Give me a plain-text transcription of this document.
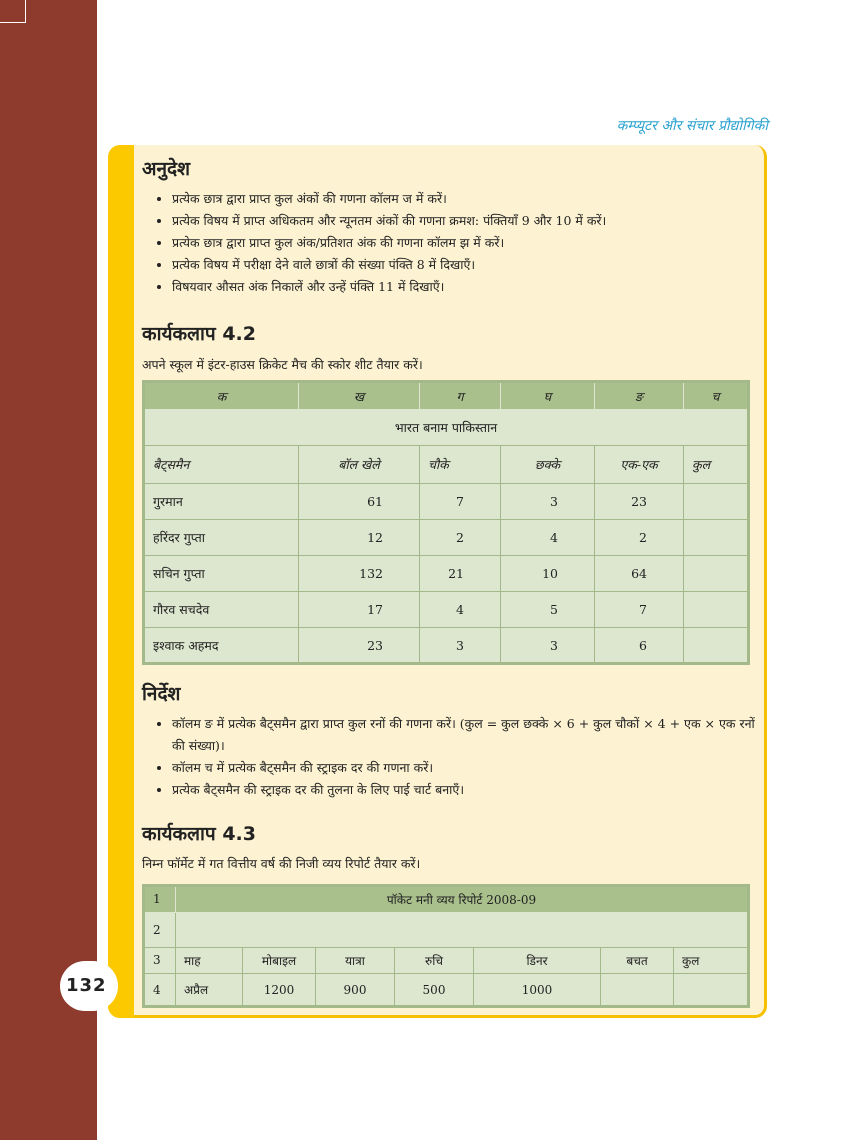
कम्प्यूटर और संचार प्रौद्योगिकी
132
अनुदेश
• प्रत्येक छात्र द्वारा प्राप्त कुल अंकों की गणना कॉलम ज में करें।
• प्रत्येक विषय में प्राप्त अधिकतम और न्यूनतम अंकों की गणना क्रमश: पंक्तियाँ 9 और 10 में करें।
• प्रत्येक छात्र द्वारा प्राप्त कुल अंक/प्रतिशत अंक की गणना कॉलम झ में करें।
• प्रत्येक विषय में परीक्षा देने वाले छात्रों की संख्या पंक्ति 8 में दिखाएँ।
• विषयवार औसत अंक निकालें और उन्हें पंक्ति 11 में दिखाएँ।
कार्यकलाप 4.2

अपने स्कूल में इंटर-हाउस क्रिकेट मैच की स्कोर शीट तैयार करें।

क	ख	ग	घ	ङ	च
भारत बनाम पाकिस्तान					
बैट्समैन	बॉल खेले	चौके	छक्के	एक-एक	कुल
गुरमान	61	7	3	23	
हरिंदर गुप्ता	12	2	4	2	
सचिन गुप्ता	132	21	10	64	
गौरव सचदेव	17	4	5	7	
इश्वाक अहमद	23	3	3	6	
निर्देश
• कॉलम ङ में प्रत्येक बैट्समैन द्वारा प्राप्त कुल रनों की गणना करें। (कुल = कुल छक्के × 6 + कुल चौकों × 4 + एक × एक रनों की संख्या)।
• कॉलम च में प्रत्येक बैट्समैन की स्ट्राइक दर की गणना करें।
• प्रत्येक बैट्समैन की स्ट्राइक दर की तुलना के लिए पाई चार्ट बनाएँ।
कार्यकलाप 4.3

निम्न फॉर्मेट में गत वित्तीय वर्ष की निजी व्यय रिपोर्ट तैयार करें।

1	पॉकेट मनी व्यय रिपोर्ट 2008-09						
2							
3	माह	मोबाइल	यात्रा	रुचि	डिनर	बचत	कुल
4	अप्रैल	1200	900	500	1000		
